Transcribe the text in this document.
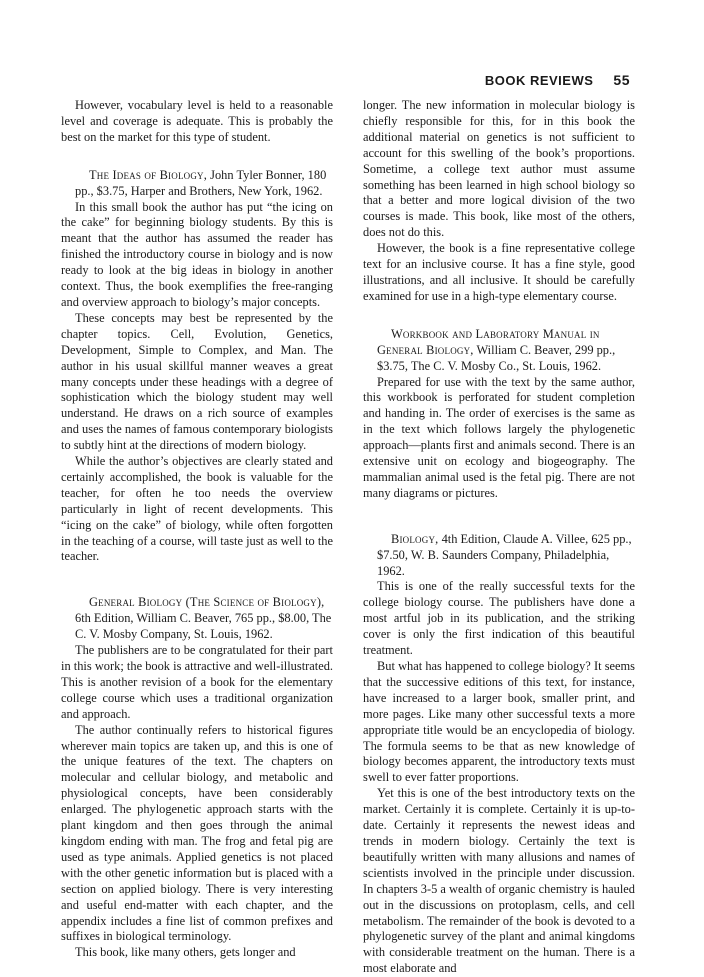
BOOK REVIEWS 55

However, vocabulary level is held to a reasonable level and coverage is adequate. This is probably the best on the market for this type of student.

The Ideas of Biology, John Tyler Bonner, 180 pp., $3.75, Harper and Brothers, New York, 1962.

In this small book the author has put “the icing on the cake” for beginning biology students. By this is meant that the author has assumed the reader has finished the introductory course in biology and is now ready to look at the big ideas in biology in another context. Thus, the book exemplifies the free-ranging and overview approach to biology’s major concepts.

These concepts may best be represented by the chapter topics. Cell, Evolution, Genetics, Development, Simple to Complex, and Man. The author in his usual skillful manner weaves a great many concepts under these headings with a degree of sophistication which the biology student may well understand. He draws on a rich source of examples and uses the names of famous contemporary biologists to subtly hint at the directions of modern biology.

While the author’s objectives are clearly stated and certainly accomplished, the book is valuable for the teacher, for often he too needs the overview particularly in light of recent developments. This “icing on the cake” of biology, while often forgotten in the teaching of a course, will taste just as well to the teacher.

General Biology (The Science of Biology), 6th Edition, William C. Beaver, 765 pp., $8.00, The C. V. Mosby Company, St. Louis, 1962.

The publishers are to be congratulated for their part in this work; the book is attractive and well-illustrated. This is another revision of a book for the elementary college course which uses a traditional organization and approach.

The author continually refers to historical figures wherever main topics are taken up, and this is one of the unique features of the text. The chapters on molecular and cellular biology, and metabolic and physiological concepts, have been considerably enlarged. The phylogenetic approach starts with the plant kingdom and then goes through the animal kingdom ending with man. The frog and fetal pig are used as type animals. Applied genetics is not placed with the other genetic information but is placed with a section on applied biology. There is very interesting and useful end-matter with each chapter, and the appendix includes a fine list of common prefixes and suffixes in biological terminology.

This book, like many others, gets longer and

longer. The new information in molecular biology is chiefly responsible for this, for in this book the additional material on genetics is not sufficient to account for this swelling of the book’s proportions. Sometime, a college text author must assume something has been learned in high school biology so that a better and more logical division of the two courses is made. This book, like most of the others, does not do this.

However, the book is a fine representative college text for an inclusive course. It has a fine style, good illustrations, and all inclusive. It should be carefully examined for use in a high-type elementary course.

Workbook and Laboratory Manual in General Biology, William C. Beaver, 299 pp., $3.75, The C. V. Mosby Co., St. Louis, 1962.

Prepared for use with the text by the same author, this workbook is perforated for student completion and handing in. The order of exercises is the same as in the text which follows largely the phylogenetic approach—plants first and animals second. There is an extensive unit on ecology and biogeography. The mammalian animal used is the fetal pig. There are not many diagrams or pictures.

Biology, 4th Edition, Claude A. Villee, 625 pp., $7.50, W. B. Saunders Company, Philadelphia, 1962.

This is one of the really successful texts for the college biology course. The publishers have done a most artful job in its publication, and the striking cover is only the first indication of this beautiful treatment.

But what has happened to college biology? It seems that the successive editions of this text, for instance, have increased to a larger book, smaller print, and more pages. Like many other successful texts a more appropriate title would be an encyclopedia of biology. The formula seems to be that as new knowledge of biology becomes apparent, the introductory texts must swell to ever fatter proportions.

Yet this is one of the best introductory texts on the market. Certainly it is complete. Certainly it is up-to-date. Certainly it represents the newest ideas and trends in modern biology. Certainly the text is beautifully written with many allusions and names of scientists involved in the principle under discussion. In chapters 3-5 a wealth of organic chemistry is hauled out in the discussions on protoplasm, cells, and cell metabolism. The remainder of the book is devoted to a phylogenetic survey of the plant and animal kingdoms with considerable treatment on the human. There is a most elaborate and
